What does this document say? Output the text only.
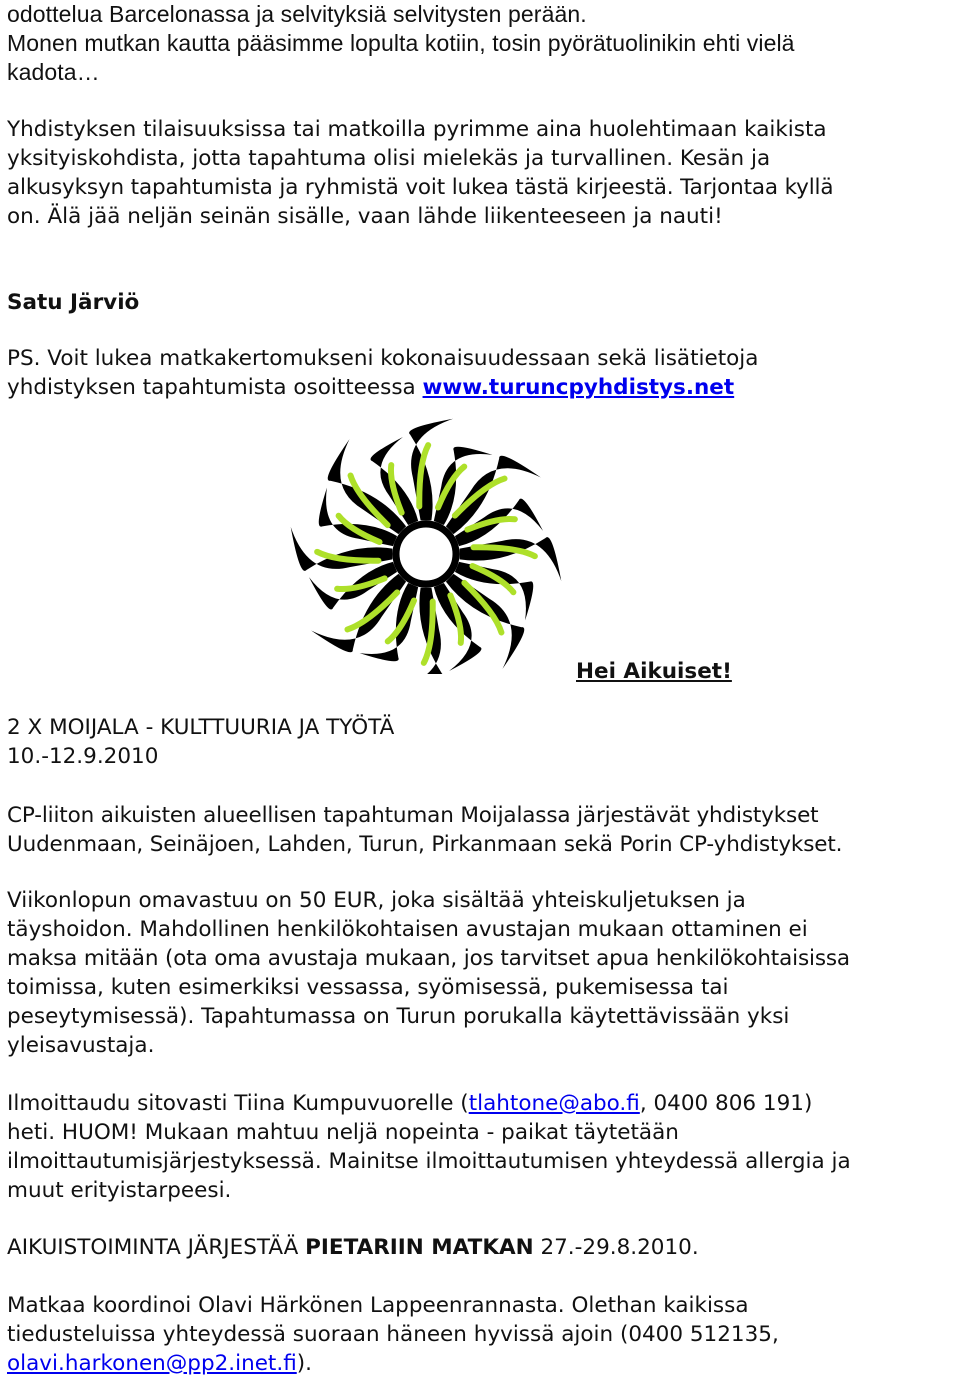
odottelua Barcelonassa ja selvityksiä selvitysten perään.
Monen mutkan kautta pääsimme lopulta kotiin, tosin pyörätuolinikin ehti vielä
kadota…
Yhdistyksen tilaisuuksissa tai matkoilla pyrimme aina huolehtimaan kaikista
yksityiskohdista, jotta tapahtuma olisi mielekäs ja turvallinen. Kesän ja
alkusyksyn tapahtumista ja ryhmistä voit lukea tästä kirjeestä. Tarjontaa kyllä
on. Älä jää neljän seinän sisälle, vaan lähde liikenteeseen ja nauti!
Satu Järviö
PS. Voit lukea matkakertomukseni kokonaisuudessaan sekä lisätietoja
yhdistyksen tapahtumista osoitteessa www.turuncpyhdistys.net
Hei Aikuiset!
2 X MOIJALA - KULTTUURIA JA TYÖTÄ
10.-12.9.2010
CP-liiton aikuisten alueellisen tapahtuman Moijalassa järjestävät yhdistykset
Uudenmaan, Seinäjoen, Lahden, Turun, Pirkanmaan sekä Porin CP-yhdistykset.
Viikonlopun omavastuu on 50 EUR, joka sisältää yhteiskuljetuksen ja
täyshoidon. Mahdollinen henkilökohtaisen avustajan mukaan ottaminen ei
maksa mitään (ota oma avustaja mukaan, jos tarvitset apua henkilökohtaisissa
toimissa, kuten esimerkiksi vessassa, syömisessä, pukemisessa tai
peseytymisessä). Tapahtumassa on Turun porukalla käytettävissään yksi
yleisavustaja.
Ilmoittaudu sitovasti Tiina Kumpuvuorelle (tlahtone@abo.fi, 0400 806 191)
heti. HUOM! Mukaan mahtuu neljä nopeinta - paikat täytetään
ilmoittautumisjärjestyksessä. Mainitse ilmoittautumisen yhteydessä allergia ja
muut erityistarpeesi.
AIKUISTOIMINTA JÄRJESTÄÄ PIETARIIN MATKAN 27.-29.8.2010.
Matkaa koordinoi Olavi Härkönen Lappeenrannasta. Olethan kaikissa
tiedusteluissa yhteydessä suoraan häneen hyvissä ajoin (0400 512135,
olavi.harkonen@pp2.inet.fi).
